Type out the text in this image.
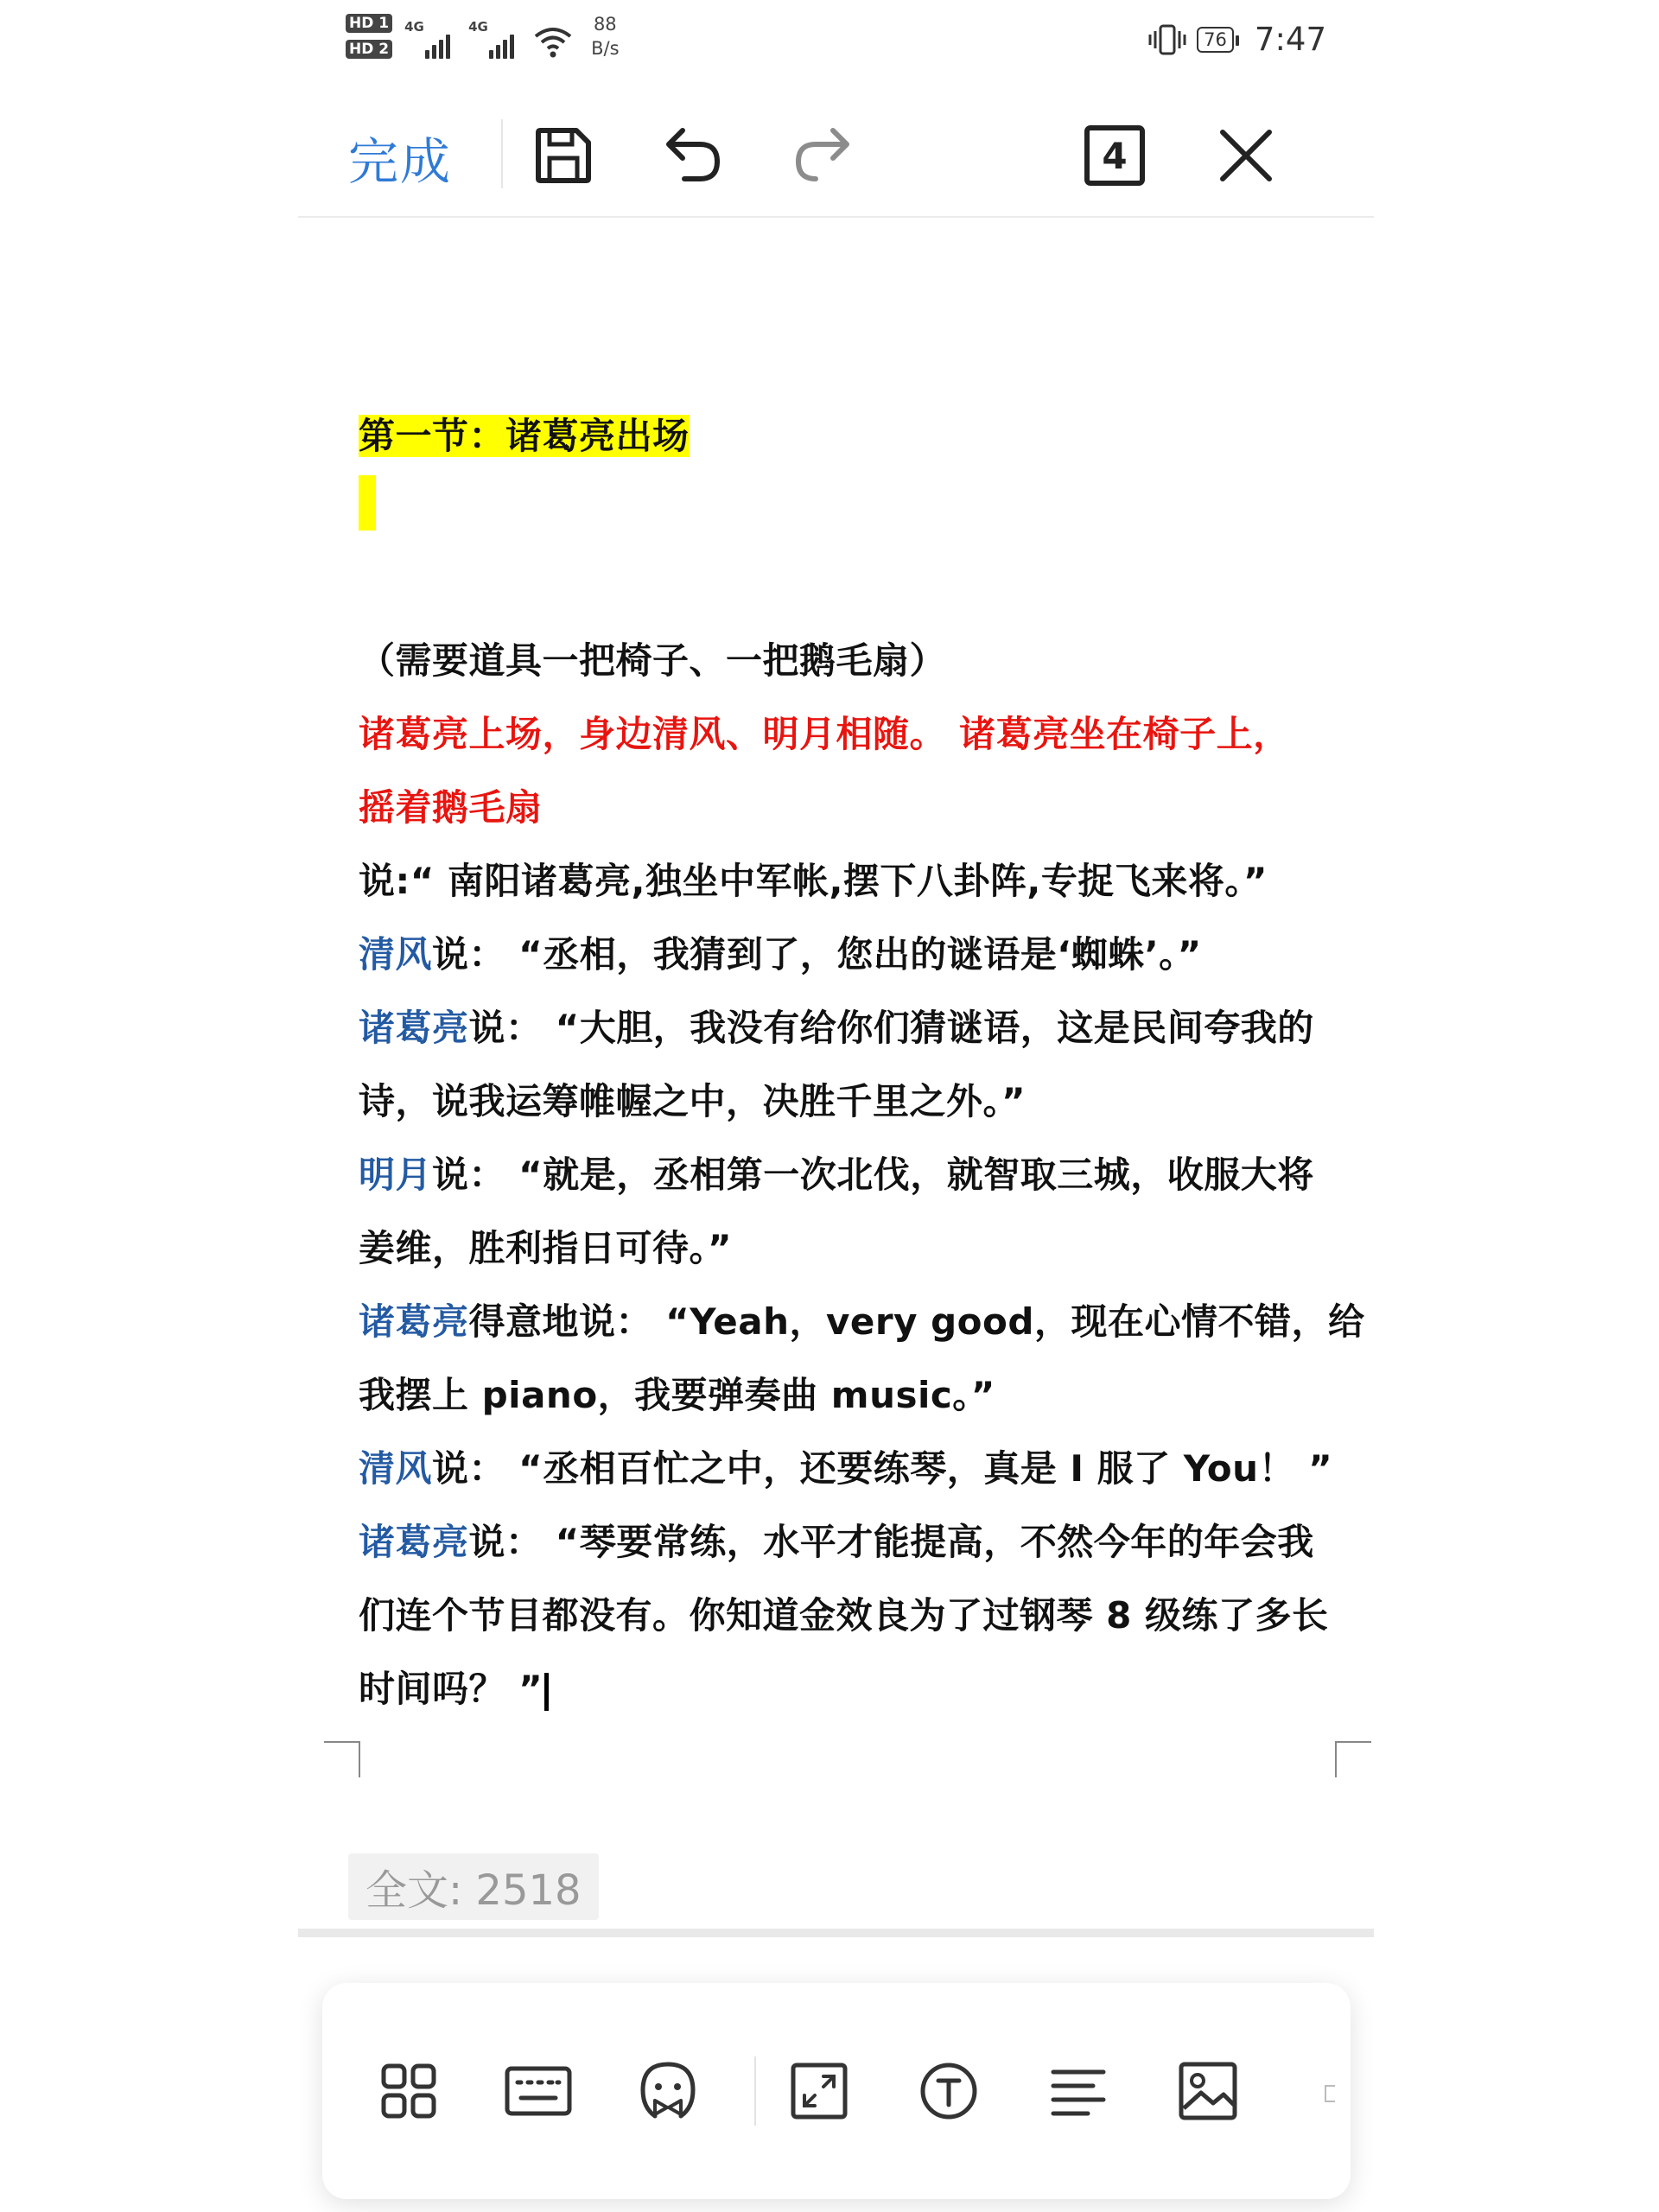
HD 1
HD 2
4G	4G	88
B/s	76 7:47
完成	4
第一节：诸葛亮出场
（需要道具一把椅子、一把鹅毛扇）
诸葛亮上场，身边清风、明月相随。 诸葛亮坐在椅子上，
摇着鹅毛扇
说:“ 南阳诸葛亮,独坐中军帐,摆下八卦阵,专捉飞来将。”
清风说： “丞相，我猜到了，您出的谜语是‘蜘蛛’。”
诸葛亮说： “大胆，我没有给你们猜谜语，这是民间夸我的
诗，说我运筹帷幄之中，决胜千里之外。”
明月说： “就是，丞相第一次北伐，就智取三城，收服大将
姜维，胜利指日可待。”
诸葛亮得意地说： “Yeah，very good，现在心情不错，给
我摆上 piano，我要弹奏曲 music。”
清风说： “丞相百忙之中，还要练琴，真是 I 服了 You！ ”
诸葛亮说： “琴要常练，水平才能提高，不然今年的年会我
们连个节目都没有。你知道金效良为了过钢琴 8 级练了多长
时间吗？ ”
全文: 2518
